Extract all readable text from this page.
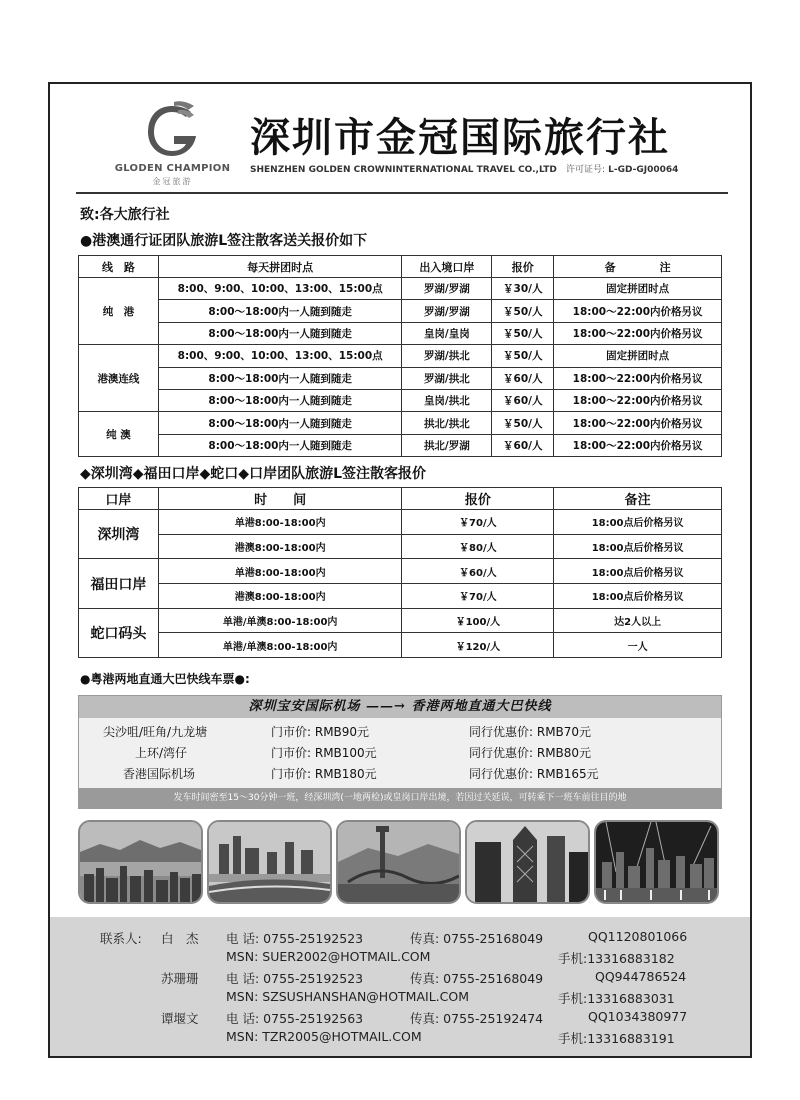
GLODEN CHAMPION
金冠旅游
深圳市金冠国际旅行社
SHENZHEN GOLDEN CROWNINTERNATIONAL TRAVEL CO.,LTD 许可证号: L-GD-GJ00064
致:各大旅行社
●港澳通行证团队旅游L签注散客送关报价如下
线　路	每天拼团时点	出入境口岸	报价	备　　　　注
纯　港	8:00、9:00、10:00、13:00、15:00点	罗湖/罗湖	￥30/人	固定拼团时点
	8:00～18:00内一人随到随走	罗湖/罗湖	￥50/人	18:00～22:00内价格另议
	8:00～18:00内一人随到随走	皇岗/皇岗	￥50/人	18:00～22:00内价格另议
港澳连线	8:00、9:00、10:00、13:00、15:00点	罗湖/拱北	￥50/人	固定拼团时点
	8:00～18:00内一人随到随走	罗湖/拱北	￥60/人	18:00～22:00内价格另议
	8:00～18:00内一人随到随走	皇岗/拱北	￥60/人	18:00～22:00内价格另议
纯 澳	8:00～18:00内一人随到随走	拱北/拱北	￥50/人	18:00～22:00内价格另议
	8:00～18:00内一人随到随走	拱北/罗湖	￥60/人	18:00～22:00内价格另议
◆深圳湾◆福田口岸◆蛇口◆口岸团队旅游L签注散客报价
口岸	时　　间	报价	备注
深圳湾	单港8:00-18:00内	￥70/人	18:00点后价格另议
	港澳8:00-18:00内	￥80/人	18:00点后价格另议
福田口岸	单港8:00-18:00内	￥60/人	18:00点后价格另议
	港澳8:00-18:00内	￥70/人	18:00点后价格另议
蛇口码头	单港/单澳8:00-18:00内	￥100/人	达2人以上
	单港/单澳8:00-18:00内	￥120/人	一人
●粤港两地直通大巴快线车票●:
深圳宝安国际机场 ——→ 香港两地直通大巴快线
尖沙咀/旺角/九龙塘	门市价: RMB90元	同行优惠价: RMB70元
上环/湾仔	门市价: RMB100元	同行优惠价: RMB80元
香港国际机场	门市价: RMB180元	同行优惠价: RMB165元
发车时间密至15～30分钟一班，经深圳湾(一地两检)或皇岗口岸出境，若因过关延误，可转乘下一班车前往目的地
联系人: 白　杰 电 话: 0755-25192523	传真: 0755-25168049	QQ1120801066
MSN: SUER2002@HOTMAIL.COM	手机:13316883182
苏珊珊 电 话: 0755-25192523	传真: 0755-25168049	QQ944786524
MSN: SZSUSHANSHAN@HOTMAIL.COM	手机:13316883031
谭堰文 电 话: 0755-25192563	传真: 0755-25192474	QQ1034380977
MSN: TZR2005@HOTMAIL.COM	手机:13316883191
